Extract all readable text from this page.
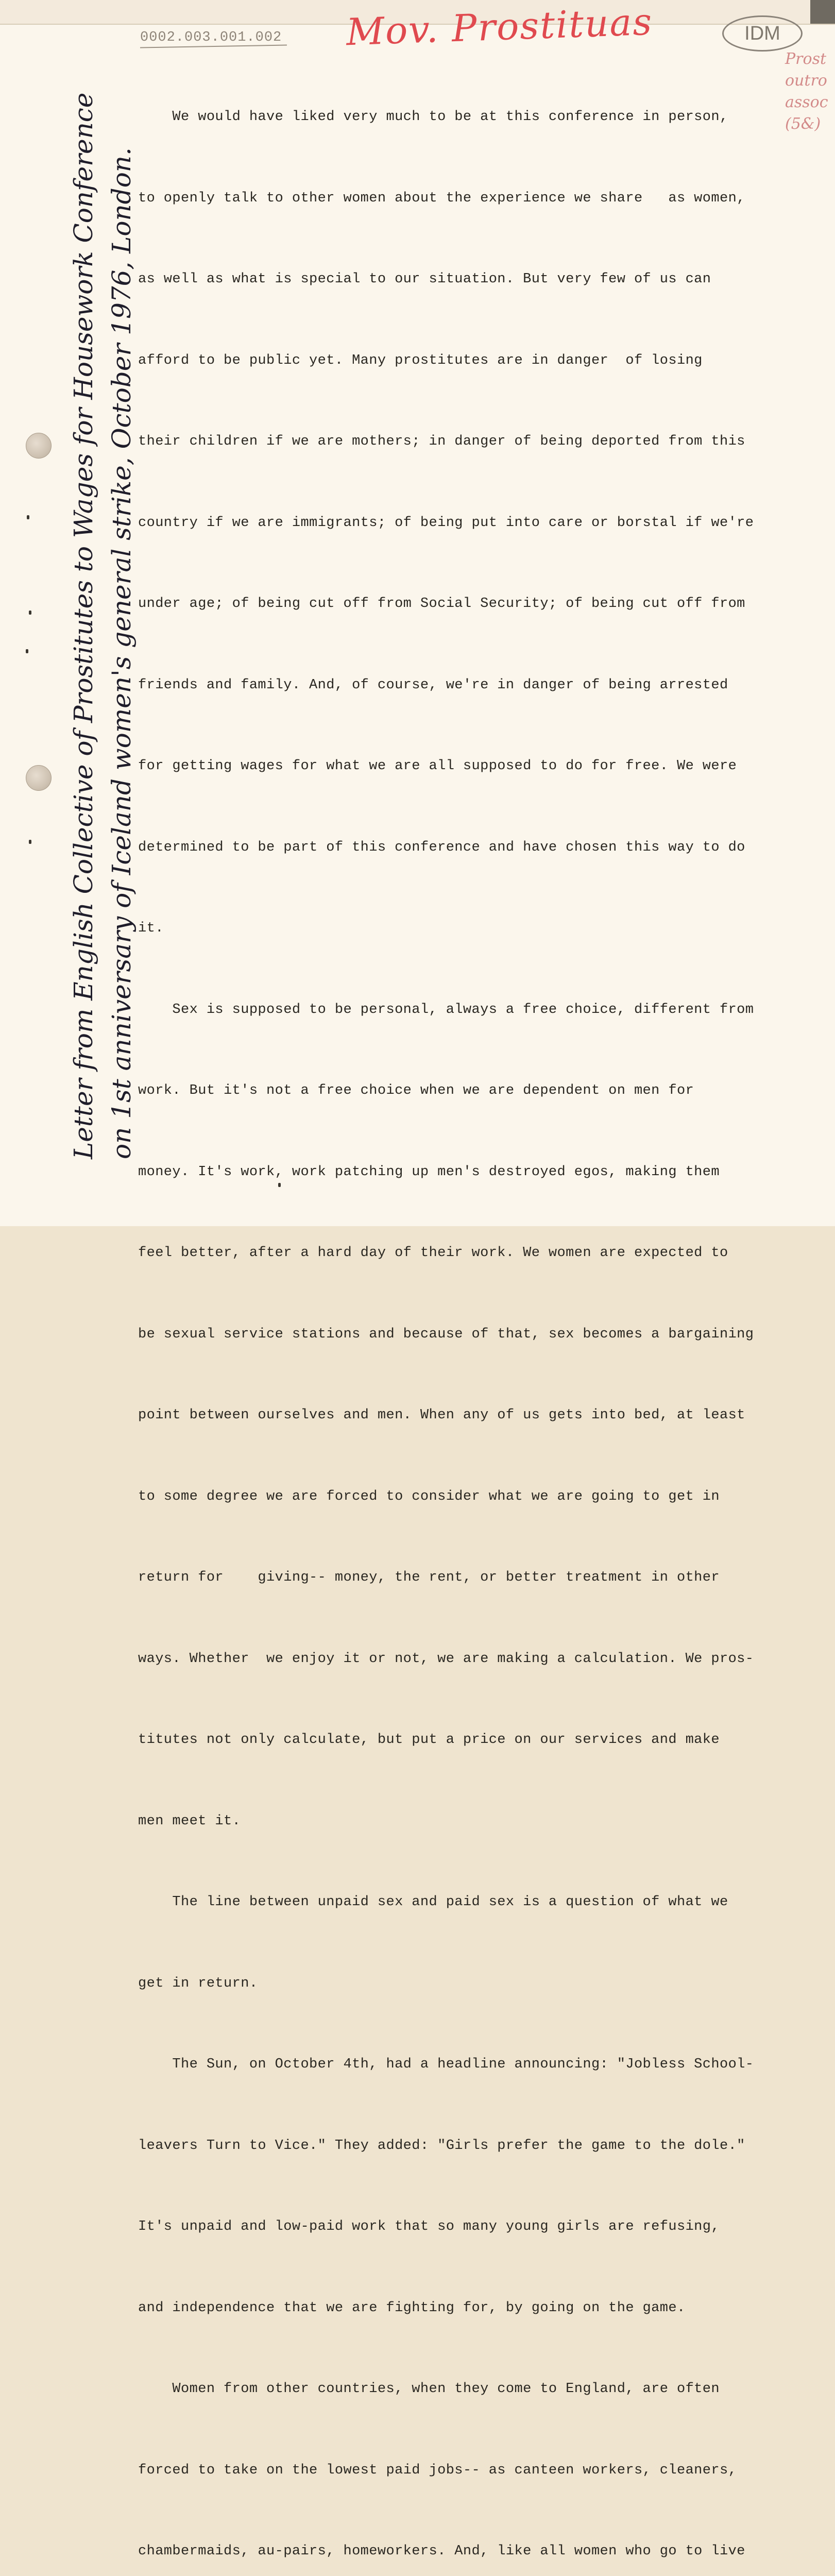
0002.003.001.002 Mov. Prostituas	IDM
Prost
outro
assoc
(5&)
Letter from English Collective of Prostitutes to Wages for Housework Conference on 1st anniversary of Iceland women's general strike, October 1976, London.

We would have liked very much to be at this conference in person,

to openly talk to other women about the experience we share   as women,

as well as what is special to our situation. But very few of us can

afford to be public yet. Many prostitutes are in danger  of losing

their children if we are mothers; in danger of being deported from this

country if we are immigrants; of being put into care or borstal if we're

under age; of being cut off from Social Security; of being cut off from

friends and family. And, of course, we're in danger of being arrested

for getting wages for what we are all supposed to do for free. We were

determined to be part of this conference and have chosen this way to do

it.

Sex is supposed to be personal, always a free choice, different from

work. But it's not a free choice when we are dependent on men for

money. It's work, work patching up men's destroyed egos, making them

feel better, after a hard day of their work. We women are expected to

be sexual service stations and because of that, sex becomes a bargaining

point between ourselves and men. When any of us gets into bed, at least

to some degree we are forced to consider what we are going to get in

return for    giving-- money, the rent, or better treatment in other

ways. Whether  we enjoy it or not, we are making a calculation. We pros-

titutes not only calculate, but put a price on our services and make

men meet it.

The line between unpaid sex and paid sex is a question of what we

get in return.

The Sun, on October 4th, had a headline announcing: "Jobless School-

leavers Turn to Vice." They added: "Girls prefer the game to the dole."

It's unpaid and low-paid work that so many young girls are refusing,

and independence that we are fighting for, by going on the game.

Women from other countries, when they come to England, are often

forced to take on the lowest paid jobs-- as canteen workers, cleaners,

chambermaids, au-pairs, homeworkers. And, like all women who go to live
